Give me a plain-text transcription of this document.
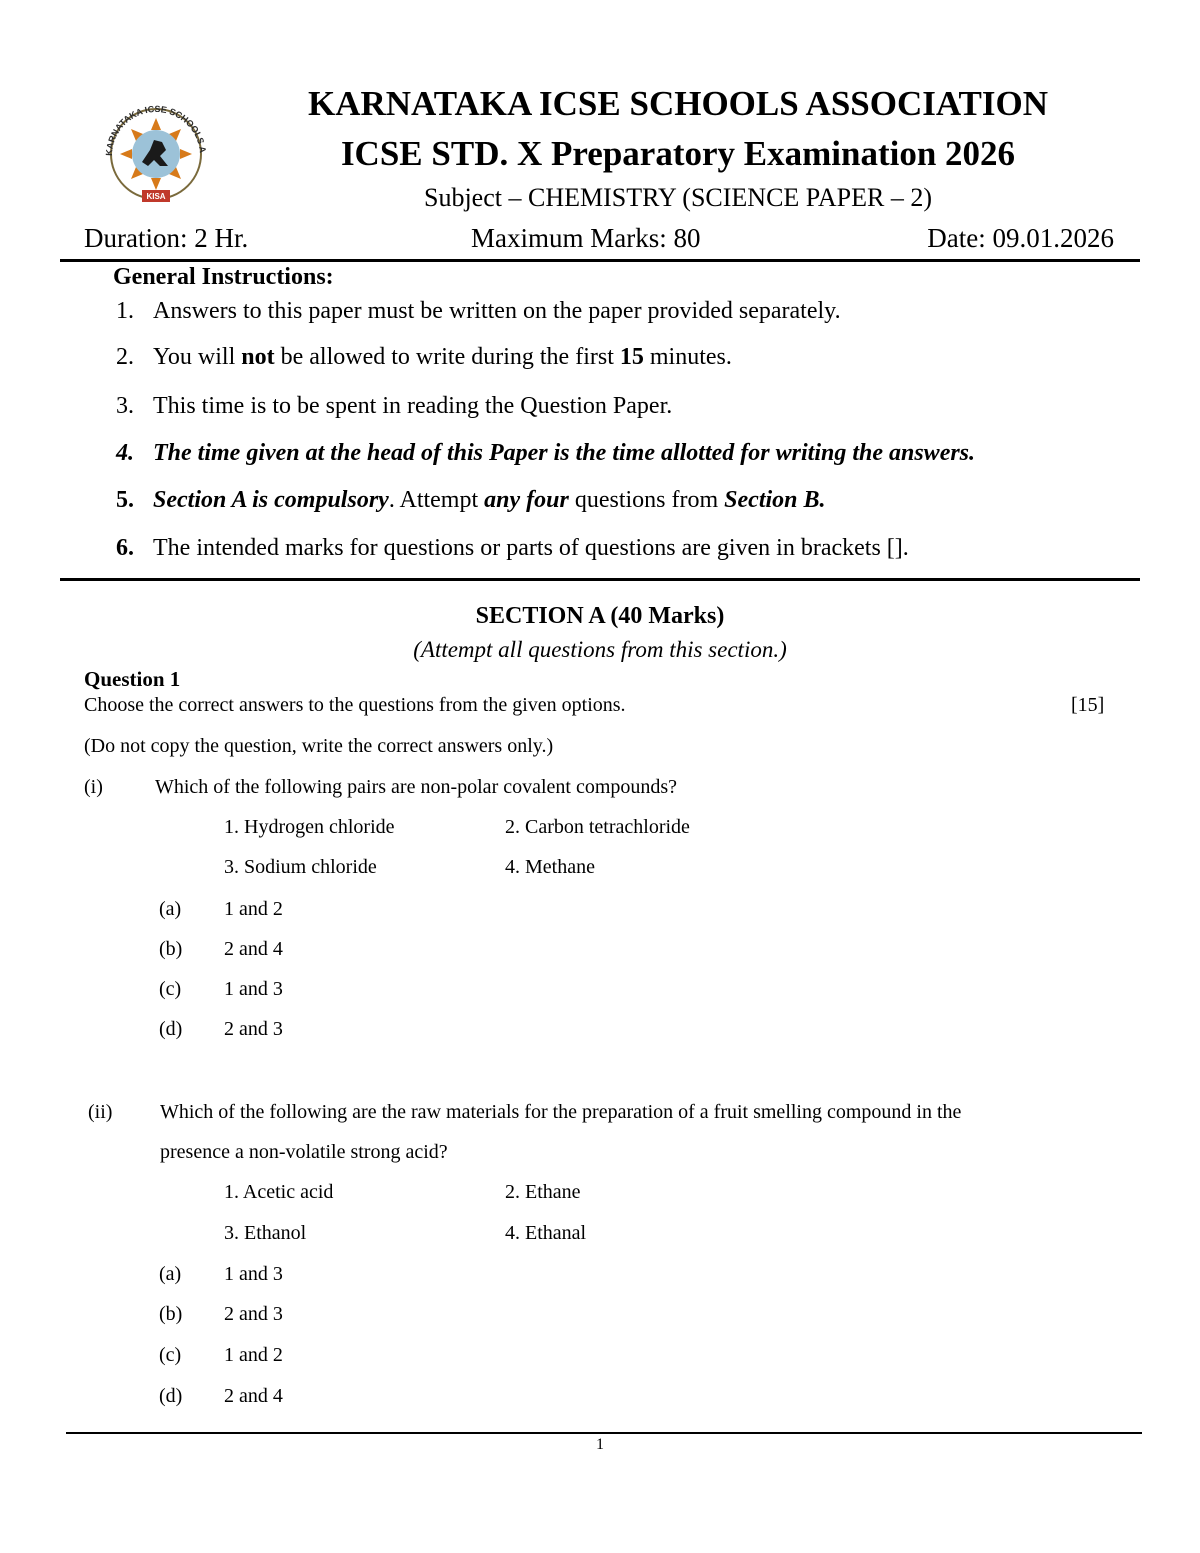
KARNATAKA ICSE SCHOOLS A
KISA
KARNATAKA ICSE SCHOOLS ASSOCIATION
ICSE STD. X Preparatory Examination 2026
Subject – CHEMISTRY (SCIENCE PAPER – 2)
Duration: 2 Hr.	Maximum Marks: 80	Date: 09.01.2026
General Instructions:
1. Answers to this paper must be written on the paper provided separately.
2. You will not be allowed to write during the first 15 minutes.
3. This time is to be spent in reading the Question Paper.
4. The time given at the head of this Paper is the time allotted for writing the answers.
5. Section A is compulsory. Attempt any four questions from Section B.
6. The intended marks for questions or parts of questions are given in brackets [].
SECTION A (40 Marks)
(Attempt all questions from this section.)
Question 1
Choose the correct answers to the questions from the given options.	[15]
(Do not copy the question, write the correct answers only.)
(i)	Which of the following pairs are non-polar covalent compounds?
1. Hydrogen chloride	2. Carbon tetrachloride
3. Sodium chloride	4. Methane
(a) 1 and 2
(b) 2 and 4
(c) 1 and 3
(d) 2 and 3
(ii) Which of the following are the raw materials for the preparation of a fruit smelling compound in the
presence a non-volatile strong acid?
1. Acetic acid	2. Ethane
3. Ethanol	4. Ethanal
(a) 1 and 3
(b) 2 and 3
(c) 1 and 2
(d) 2 and 4
1
